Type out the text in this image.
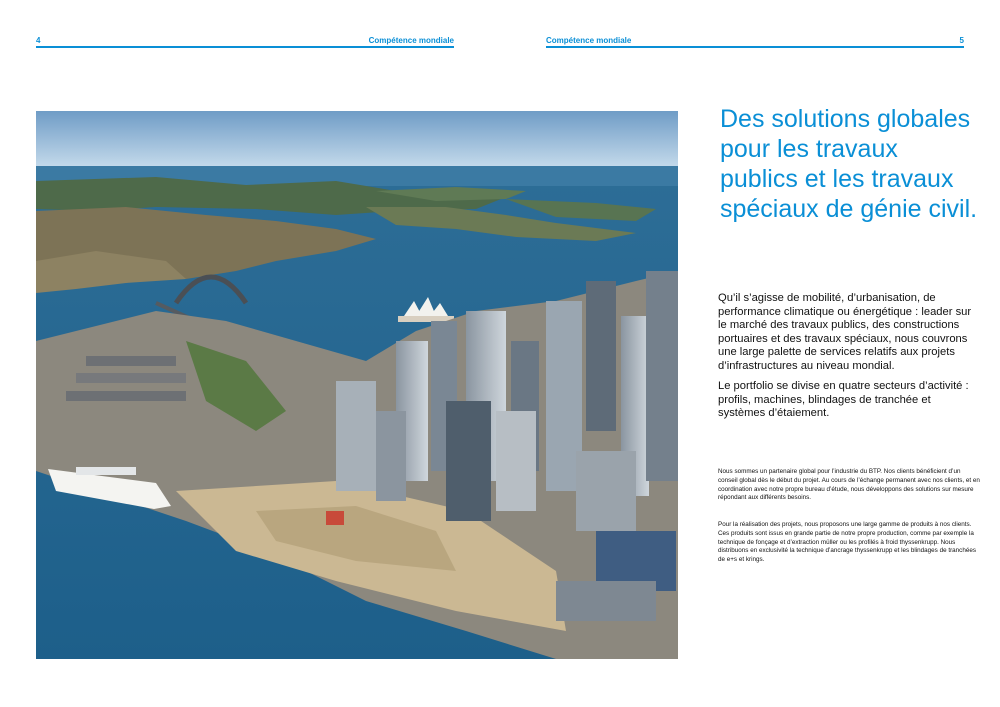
4	Compétence mondiale	Compétence mondiale	5
Des solutions globales pour les travaux publics et les travaux spéciaux de génie civil.

Qu’il s’agisse de mobilité, d’urbanisation, de performance climatique ou énergétique : leader sur le marché des travaux publics, des constructions portuaires et des travaux spéciaux, nous couvrons une large palette de services relatifs aux projets d’infrastructures au niveau mondial.

Le portfolio se divise en quatre secteurs d’activité : profils, machines, blindages de tranchée et systèmes d’étaiement.

Nous sommes un partenaire global pour l’industrie du BTP. Nos clients bénéficient d’un conseil global dès le début du projet. Au cours de l’échange permanent avec nos clients, et en coordination avec notre propre bureau d’étude, nous développons des solutions sur mesure répondant aux différents besoins.

Pour la réalisation des projets, nous proposons une large gamme de produits à nos clients. Ces produits sont issus en grande partie de notre propre production, comme par exemple la technique de fonçage et d’extraction müller ou les profilés à froid thyssenkrupp. Nous distribuons en exclusivité la technique d’ancrage thyssenkrupp et les blindages de tranchées de e+s et krings.
